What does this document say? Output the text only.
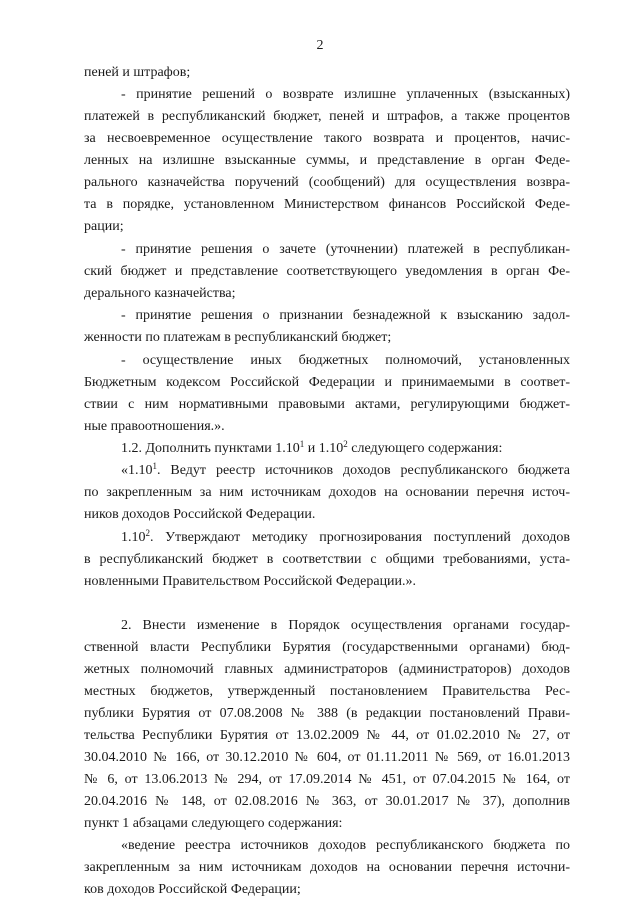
2
пеней и штрафов;
- принятие решений о возврате излишне уплаченных (взысканных)
платежей в республиканский бюджет, пеней и штрафов, а также процентов
за несвоевременное осуществление такого возврата и процентов, начис-
ленных на излишне взысканные суммы, и представление в орган Феде-
рального казначейства поручений (сообщений) для осуществления возвра-
та в порядке, установленном Министерством финансов Российской Феде-
рации;
- принятие решения о зачете (уточнении) платежей в республикан-
ский бюджет и представление соответствующего уведомления в орган Фе-
дерального казначейства;
- принятие решения о признании безнадежной к взысканию задол-
женности по платежам в республиканский бюджет;
- осуществление иных бюджетных полномочий, установленных
Бюджетным кодексом Российской Федерации и принимаемыми в соответ-
ствии с ним нормативными правовыми актами, регулирующими бюджет-
ные правоотношения.».
1.2. Дополнить пунктами 1.10$^1$ и 1.10$^2$ следующего содержания:
«1.10$^1$. Ведут реестр источников доходов республиканского бюджета
по закрепленным за ним источникам доходов на основании перечня источ-
ников доходов Российской Федерации.
1.10$^2$. Утверждают методику прогнозирования поступлений доходов
в республиканский бюджет в соответствии с общими требованиями, уста-
новленными Правительством Российской Федерации.».
2. Внести изменение в Порядок осуществления органами государ-
ственной власти Республики Бурятия (государственными органами) бюд-
жетных полномочий главных администраторов (администраторов) доходов
местных бюджетов, утвержденный постановлением Правительства Рес-
публики Бурятия от 07.08.2008 № 388 (в редакции постановлений Прави-
тельства Республики Бурятия от 13.02.2009 № 44, от 01.02.2010 № 27, от
30.04.2010 № 166, от 30.12.2010 № 604, от 01.11.2011 № 569, от 16.01.2013
№ 6, от 13.06.2013 № 294, от 17.09.2014 № 451, от 07.04.2015 № 164, от
20.04.2016 № 148, от 02.08.2016 № 363, от 30.01.2017 № 37), дополнив
пункт 1 абзацами следующего содержания:
«ведение реестра источников доходов республиканского бюджета по
закрепленным за ним источникам доходов на основании перечня источни-
ков доходов Российской Федерации;
